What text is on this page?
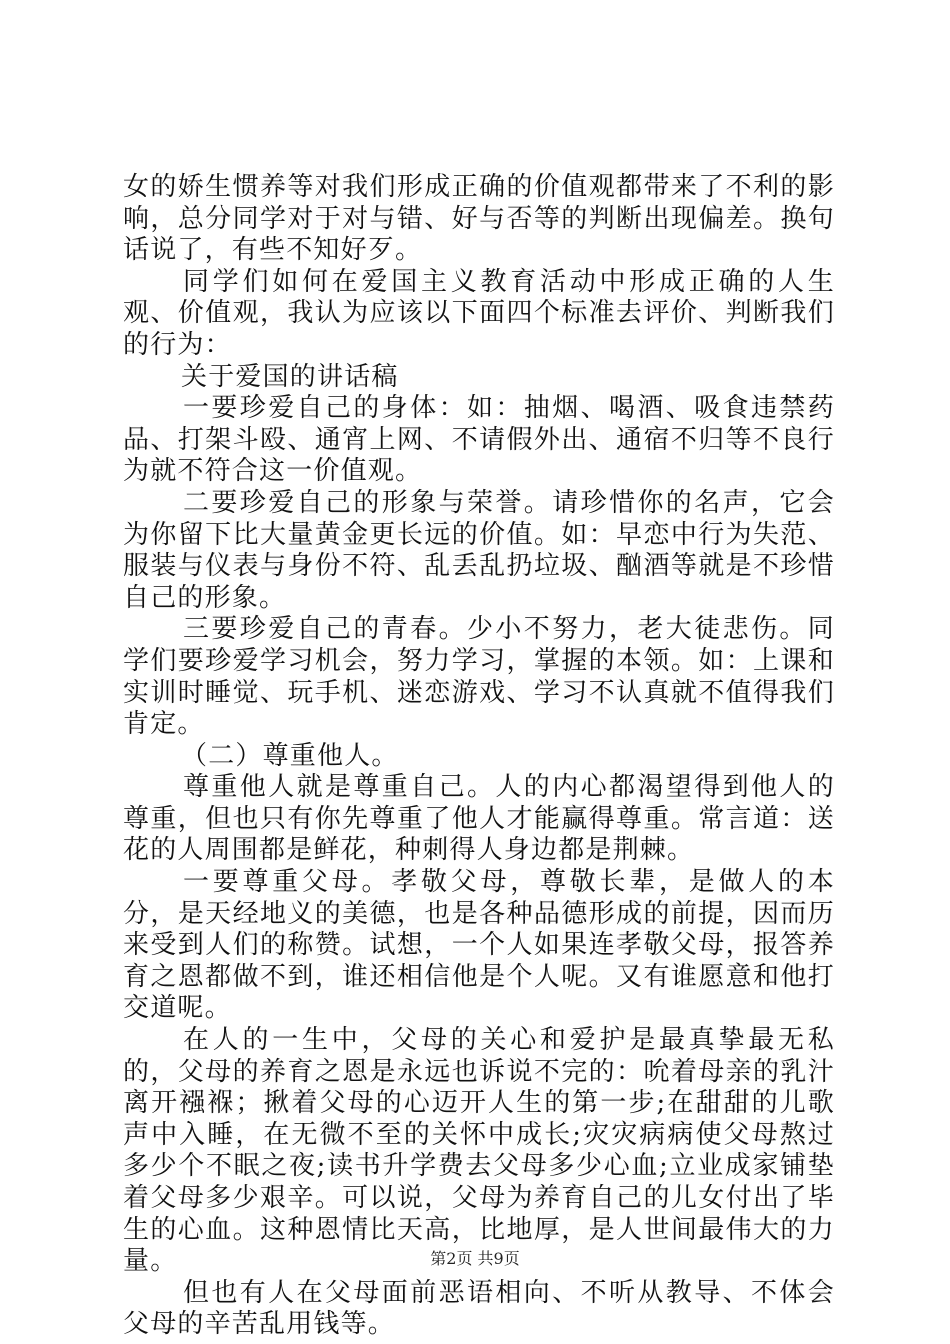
女的娇生惯养等对我们形成正确的价值观都带来了不利的影响，总分同学对于对与错、好与否等的判断出现偏差。换句话说了，有些不知好歹。

同学们如何在爱国主义教育活动中形成正确的人生观、价值观，我认为应该以下面四个标准去评价、判断我们的行为：

关于爱国的讲话稿

一要珍爱自己的身体：如：抽烟、喝酒、吸食违禁药品、打架斗殴、通宵上网、不请假外出、通宿不归等不良行为就不符合这一价值观。

二要珍爱自己的形象与荣誉。请珍惜你的名声，它会为你留下比大量黄金更长远的价值。如：早恋中行为失范、服装与仪表与身份不符、乱丢乱扔垃圾、酗酒等就是不珍惜自己的形象。

三要珍爱自己的青春。少小不努力，老大徒悲伤。同学们要珍爱学习机会，努力学习，掌握的本领。如：上课和实训时睡觉、玩手机、迷恋游戏、学习不认真就不值得我们肯定。

（二）尊重他人。

尊重他人就是尊重自己。人的内心都渴望得到他人的尊重，但也只有你先尊重了他人才能赢得尊重。常言道：送花的人周围都是鲜花，种刺得人身边都是荆棘。

一要尊重父母。孝敬父母，尊敬长辈，是做人的本分，是天经地义的美德，也是各种品德形成的前提，因而历来受到人们的称赞。试想，一个人如果连孝敬父母，报答养育之恩都做不到，谁还相信他是个人呢。又有谁愿意和他打交道呢。

在人的一生中，父母的关心和爱护是最真挚最无私的，父母的养育之恩是永远也诉说不完的：吮着母亲的乳汁离开襁褓；揪着父母的心迈开人生的第一步;在甜甜的儿歌声中入睡，在无微不至的关怀中成长;灾灾病病使父母熬过多少个不眠之夜;读书升学费去父母多少心血;立业成家铺垫着父母多少艰辛。可以说，父母为养育自己的儿女付出了毕生的心血。这种恩情比天高，比地厚，是人世间最伟大的力量。

但也有人在父母面前恶语相向、不听从教导、不体会父母的辛苦乱用钱等。

第2页 共9页
